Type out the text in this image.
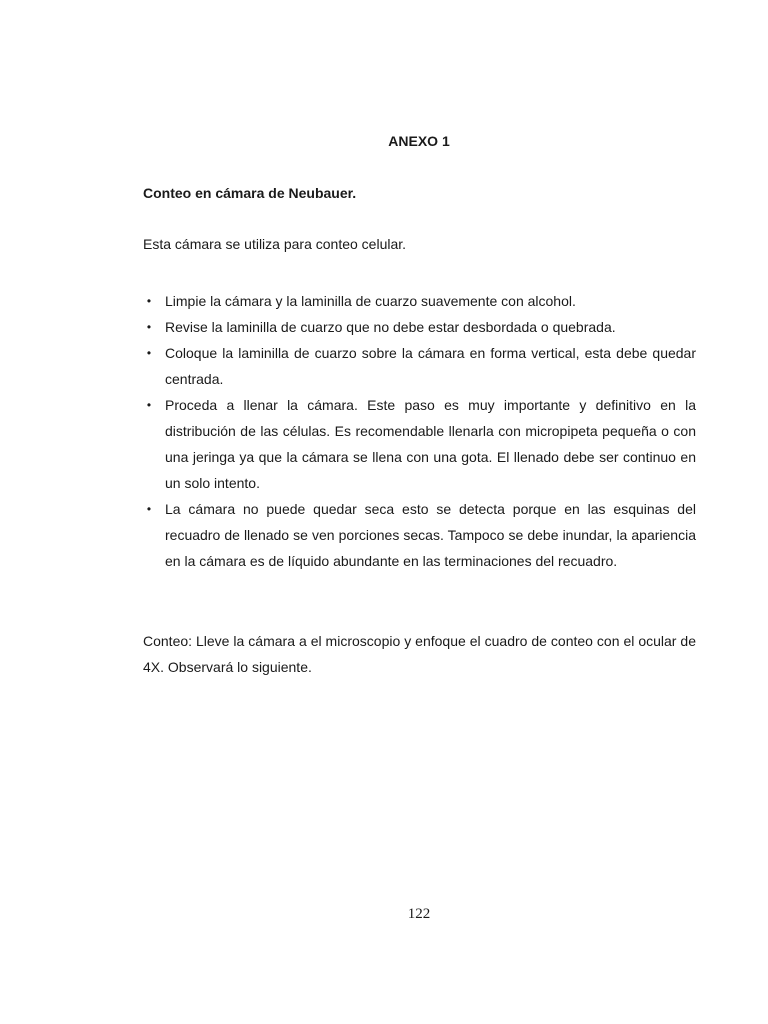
ANEXO 1

Conteo en cámara de Neubauer.

Esta cámara se utiliza para conteo celular.

• Limpie la cámara y la laminilla de cuarzo suavemente con alcohol.
• Revise la laminilla de cuarzo que no debe estar desbordada o quebrada.
• Coloque la laminilla de cuarzo sobre la cámara en forma vertical, esta debe quedar centrada.
• Proceda a llenar la cámara. Este paso es muy importante y definitivo en la distribución de las células. Es recomendable llenarla con micropipeta pequeña o con una jeringa ya que la cámara se llena con una gota. El llenado debe ser continuo en un solo intento.
• La cámara no puede quedar seca esto se detecta porque en las esquinas del recuadro de llenado se ven porciones secas. Tampoco se debe inundar, la apariencia en la cámara es de líquido abundante en las terminaciones del recuadro.

Conteo: Lleve la cámara a el microscopio y enfoque el cuadro de conteo con el ocular de 4X. Observará lo siguiente.

122
